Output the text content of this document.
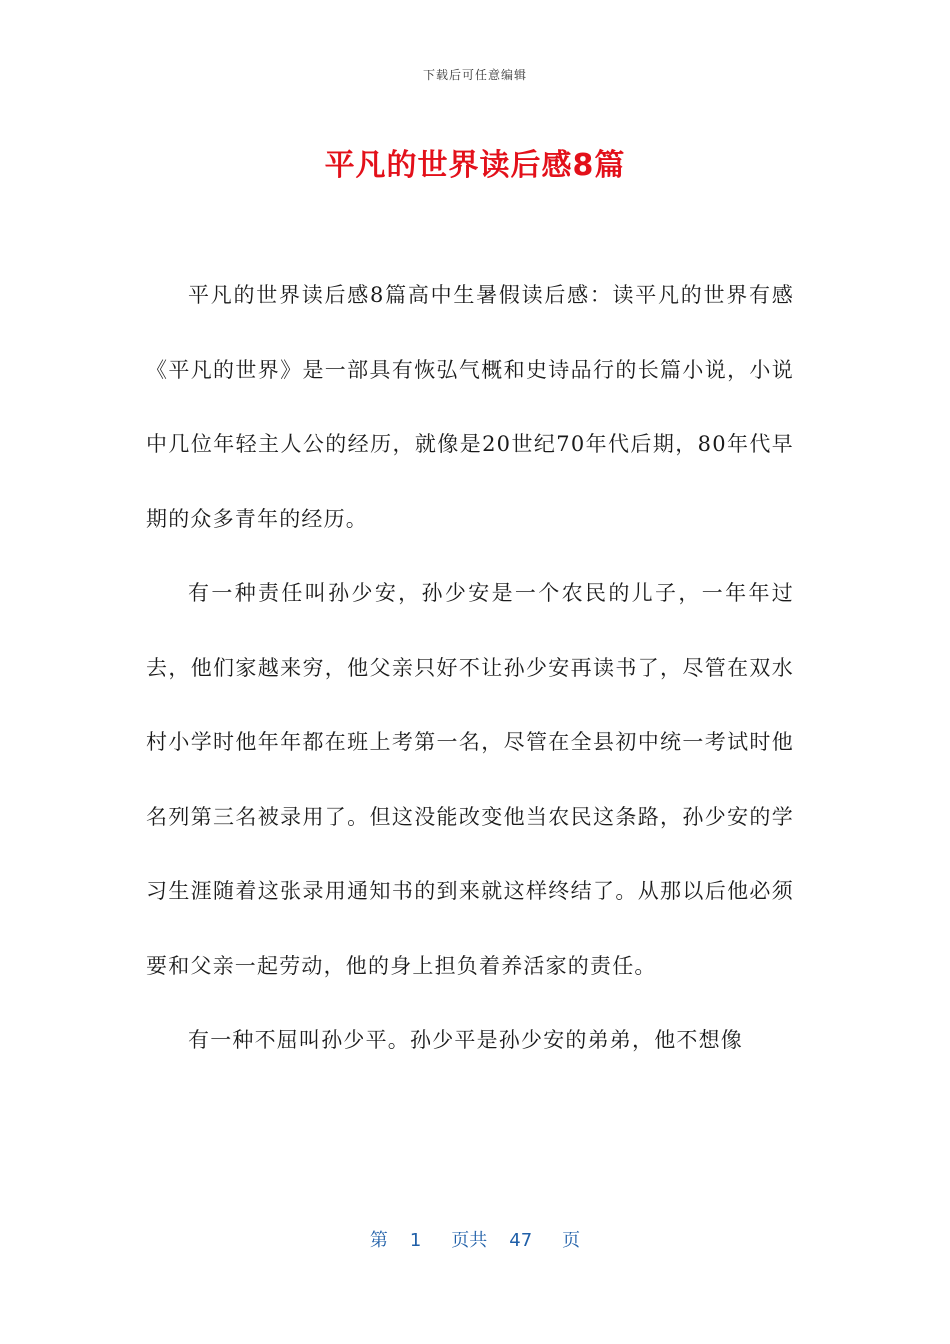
下载后可任意编辑
平凡的世界读后感8篇

平凡的世界读后感8篇高中生暑假读后感：读平凡的世界有感《平凡的世界》是一部具有恢弘气概和史诗品行的长篇小说，小说中几位年轻主人公的经历，就像是20世纪70年代后期，80年代早期的众多青年的经历。

有一种责任叫孙少安，孙少安是一个农民的儿子，一年年过去，他们家越来穷，他父亲只好不让孙少安再读书了，尽管在双水村小学时他年年都在班上考第一名，尽管在全县初中统一考试时他名列第三名被录用了。但这没能改变他当农民这条路，孙少安的学习生涯随着这张录用通知书的到来就这样终结了。从那以后他必须要和父亲一起劳动，他的身上担负着养活家的责任。

有一种不屈叫孙少平。孙少平是孙少安的弟弟，他不想像

第 1 页共 47 页
